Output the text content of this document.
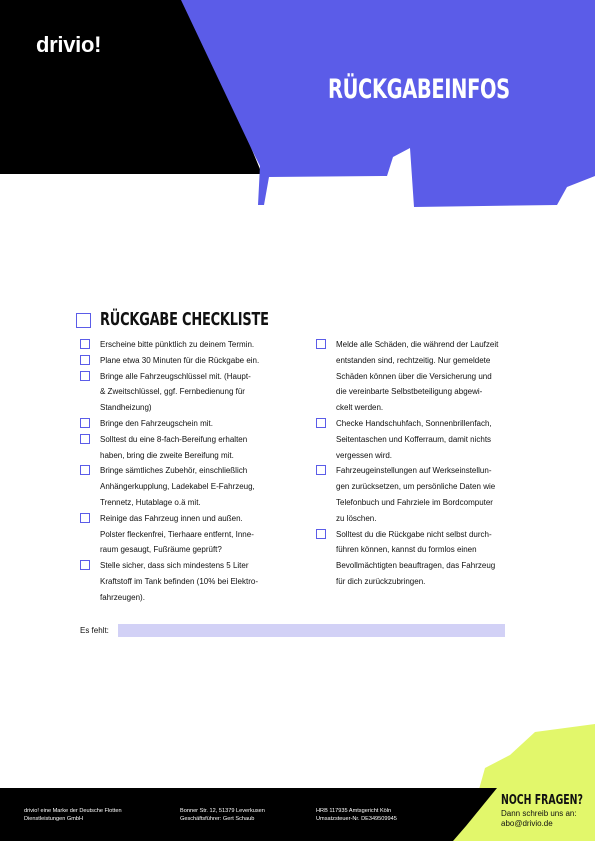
drivio!
RÜCKGABEINFOS
RÜCKGABE CHECKLISTE
Erscheine bitte pünktlich zu deinem Termin.
Plane etwa 30 Minuten für die Rückgabe ein.
Bringe alle Fahrzeugschlüssel mit. (Haupt-
& Zweitschlüssel, ggf. Fernbedienung für
Standheizung)
Bringe den Fahrzeugschein mit.
Solltest du eine 8-fach-Bereifung erhalten
haben, bring die zweite Bereifung mit.
Bringe sämtliches Zubehör, einschließlich
Anhängerkupplung, Ladekabel E-Fahrzeug,
Trennetz, Hutablage o.ä mit.
Reinige das Fahrzeug innen und außen.
Polster fleckenfrei, Tierhaare entfernt, Inne-
raum gesaugt, Fußräume geprüft?
Stelle sicher, dass sich mindestens 5 Liter
Kraftstoff im Tank befinden (10% bei Elektro-
fahrzeugen).
Melde alle Schäden, die während der Laufzeit
entstanden sind, rechtzeitig. Nur gemeldete
Schäden können über die Versicherung und
die vereinbarte Selbstbeteiligung abgewi-
ckelt werden.
Checke Handschuhfach, Sonnenbrillenfach,
Seitentaschen und Kofferraum, damit nichts
vergessen wird.
Fahrzeugeinstellungen auf Werkseinstellun-
gen zurücksetzen, um persönliche Daten wie
Telefonbuch und Fahrziele im Bordcomputer
zu löschen.
Solltest du die Rückgabe nicht selbst durch-
führen können, kannst du formlos einen
Bevollmächtigten beauftragen, das Fahrzeug
für dich zurückzubringen.
Es fehlt:
drivio! eine Marke der Deutsche Flotten
Dienstleistungen GmbH
Bonner Str. 12, 51379 Leverkusen
Geschäftsführer: Gert Schaub
HRB 117935 Amtsgericht Köln
Umsatzsteuer-Nr. DE349509945
NOCH FRAGEN?
Dann schreib uns an:
abo@drivio.de
